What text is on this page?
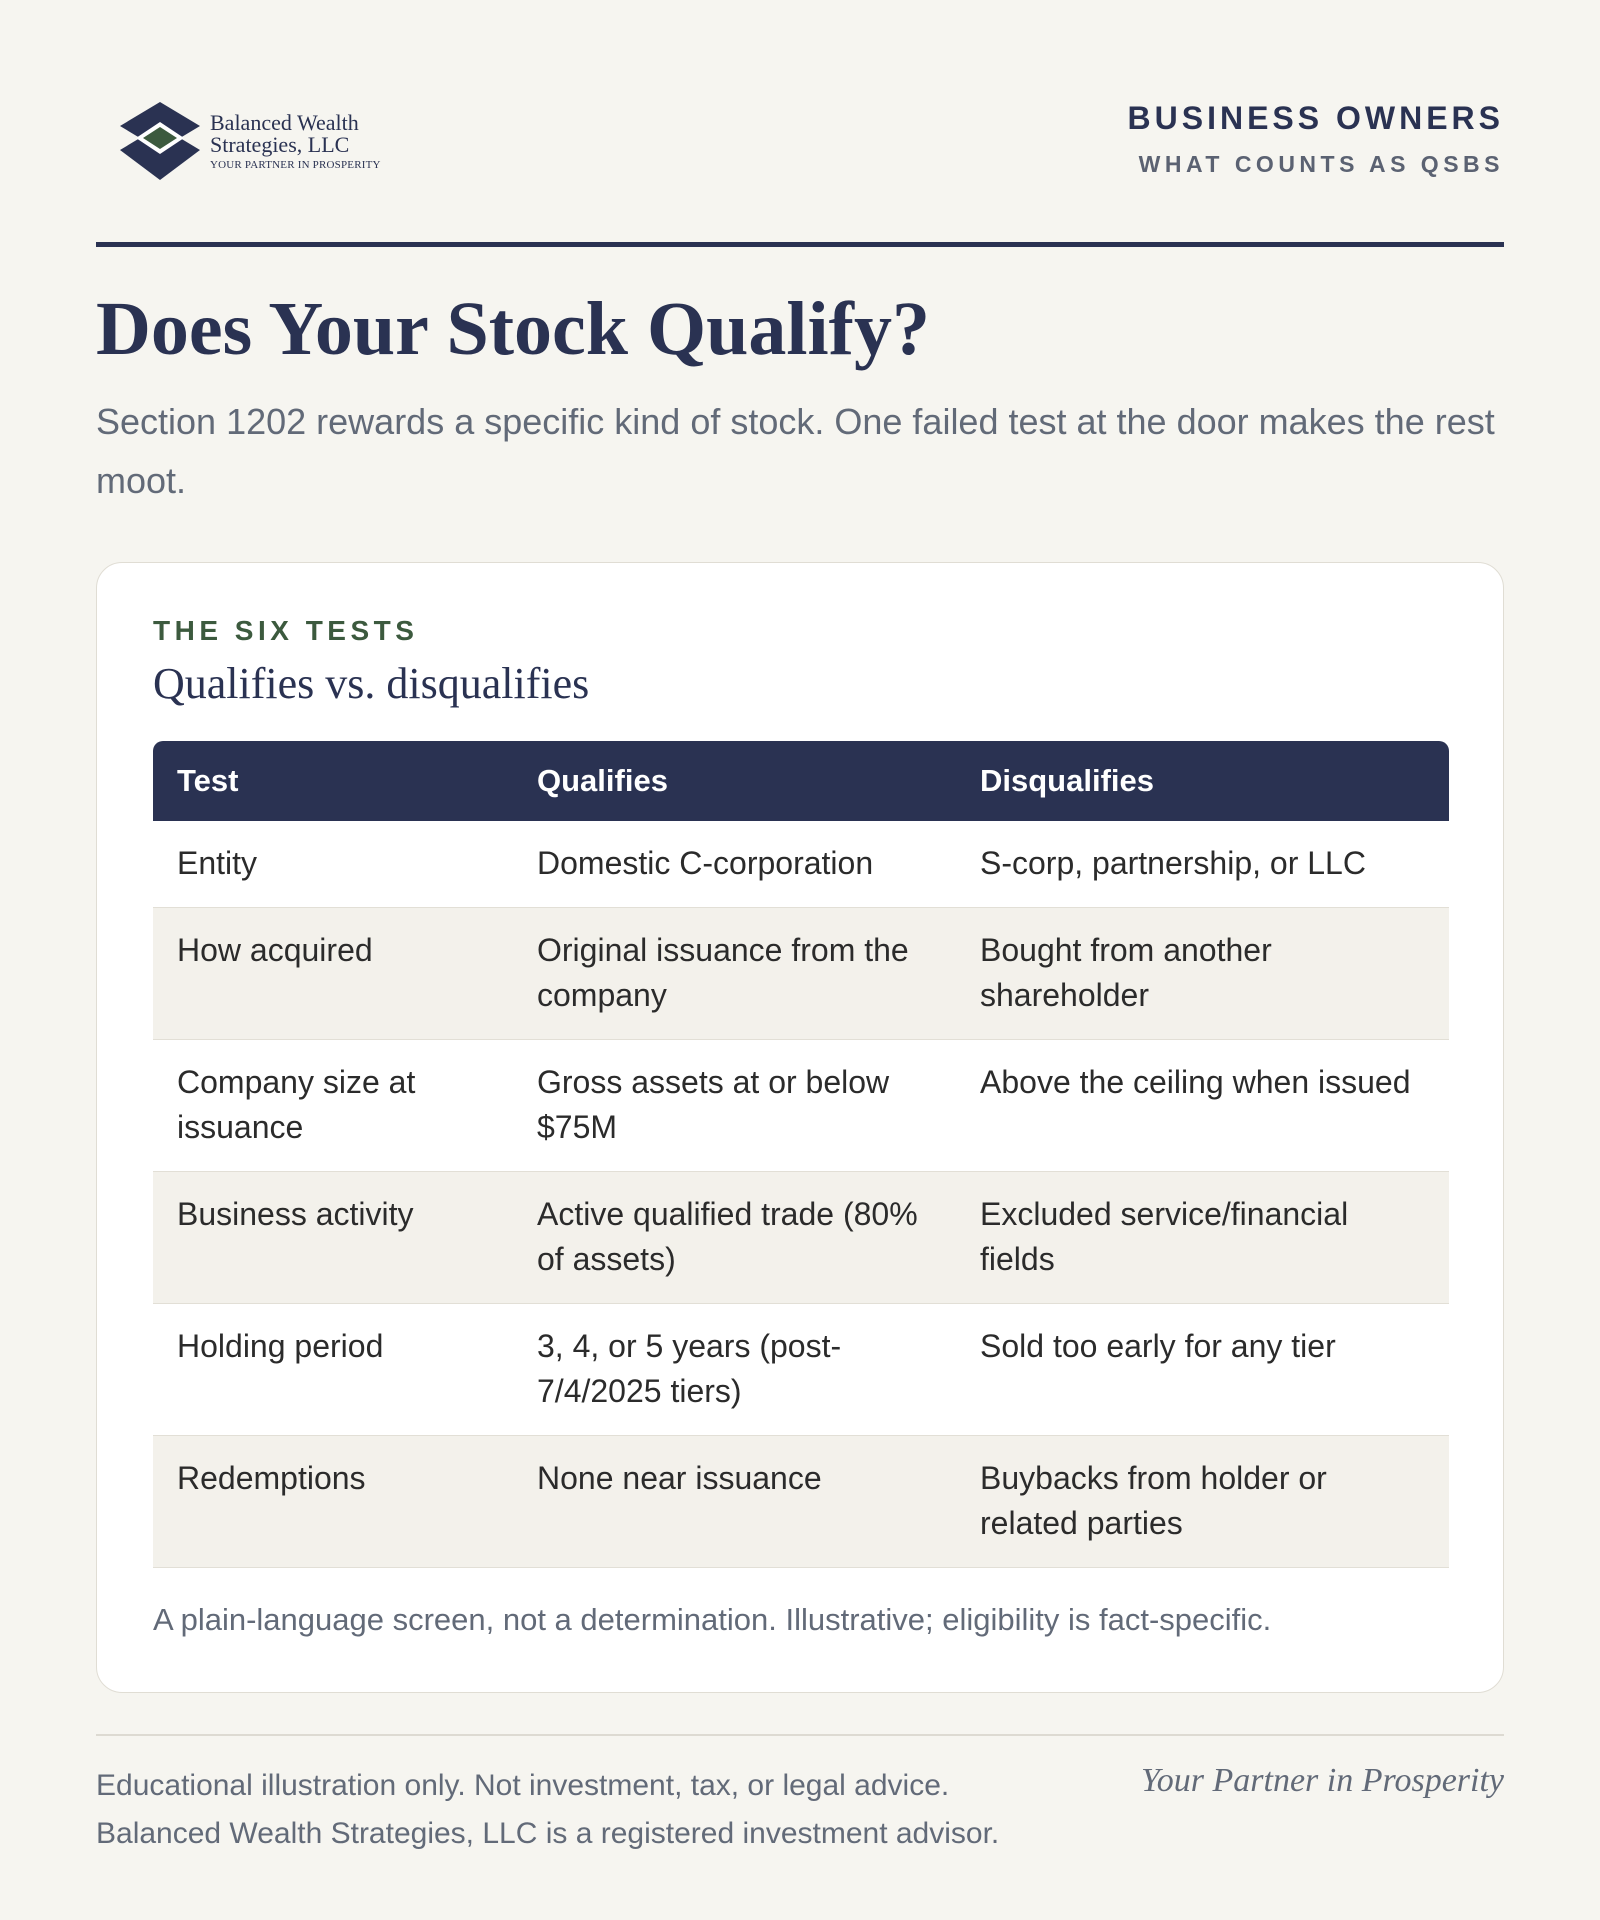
Balanced Wealth
Strategies, LLC
YOUR PARTNER IN PROSPERITY
BUSINESS OWNERS
WHAT COUNTS AS QSBS
Does Your Stock Qualify?

Section 1202 rewards a specific kind of stock. One failed test at the door makes the rest moot.

THE SIX TESTS
Qualifies vs. disqualifies
Test	Qualifies	Disqualifies
Entity	Domestic C-corporation	S-corp, partnership, or LLC
How acquired	Original issuance from the company	Bought from another shareholder
Company size at issuance	Gross assets at or below $75M	Above the ceiling when issued
Business activity	Active qualified trade (80% of assets)	Excluded service/financial fields
Holding period	3, 4, or 5 years (post-7/4/2025 tiers)	Sold too early for any tier
Redemptions	None near issuance	Buybacks from holder or related parties

A plain-language screen, not a determination. Illustrative; eligibility is fact-specific.

Educational illustration only. Not investment, tax, or legal advice.
Balanced Wealth Strategies, LLC is a registered investment advisor.
Your Partner in Prosperity
